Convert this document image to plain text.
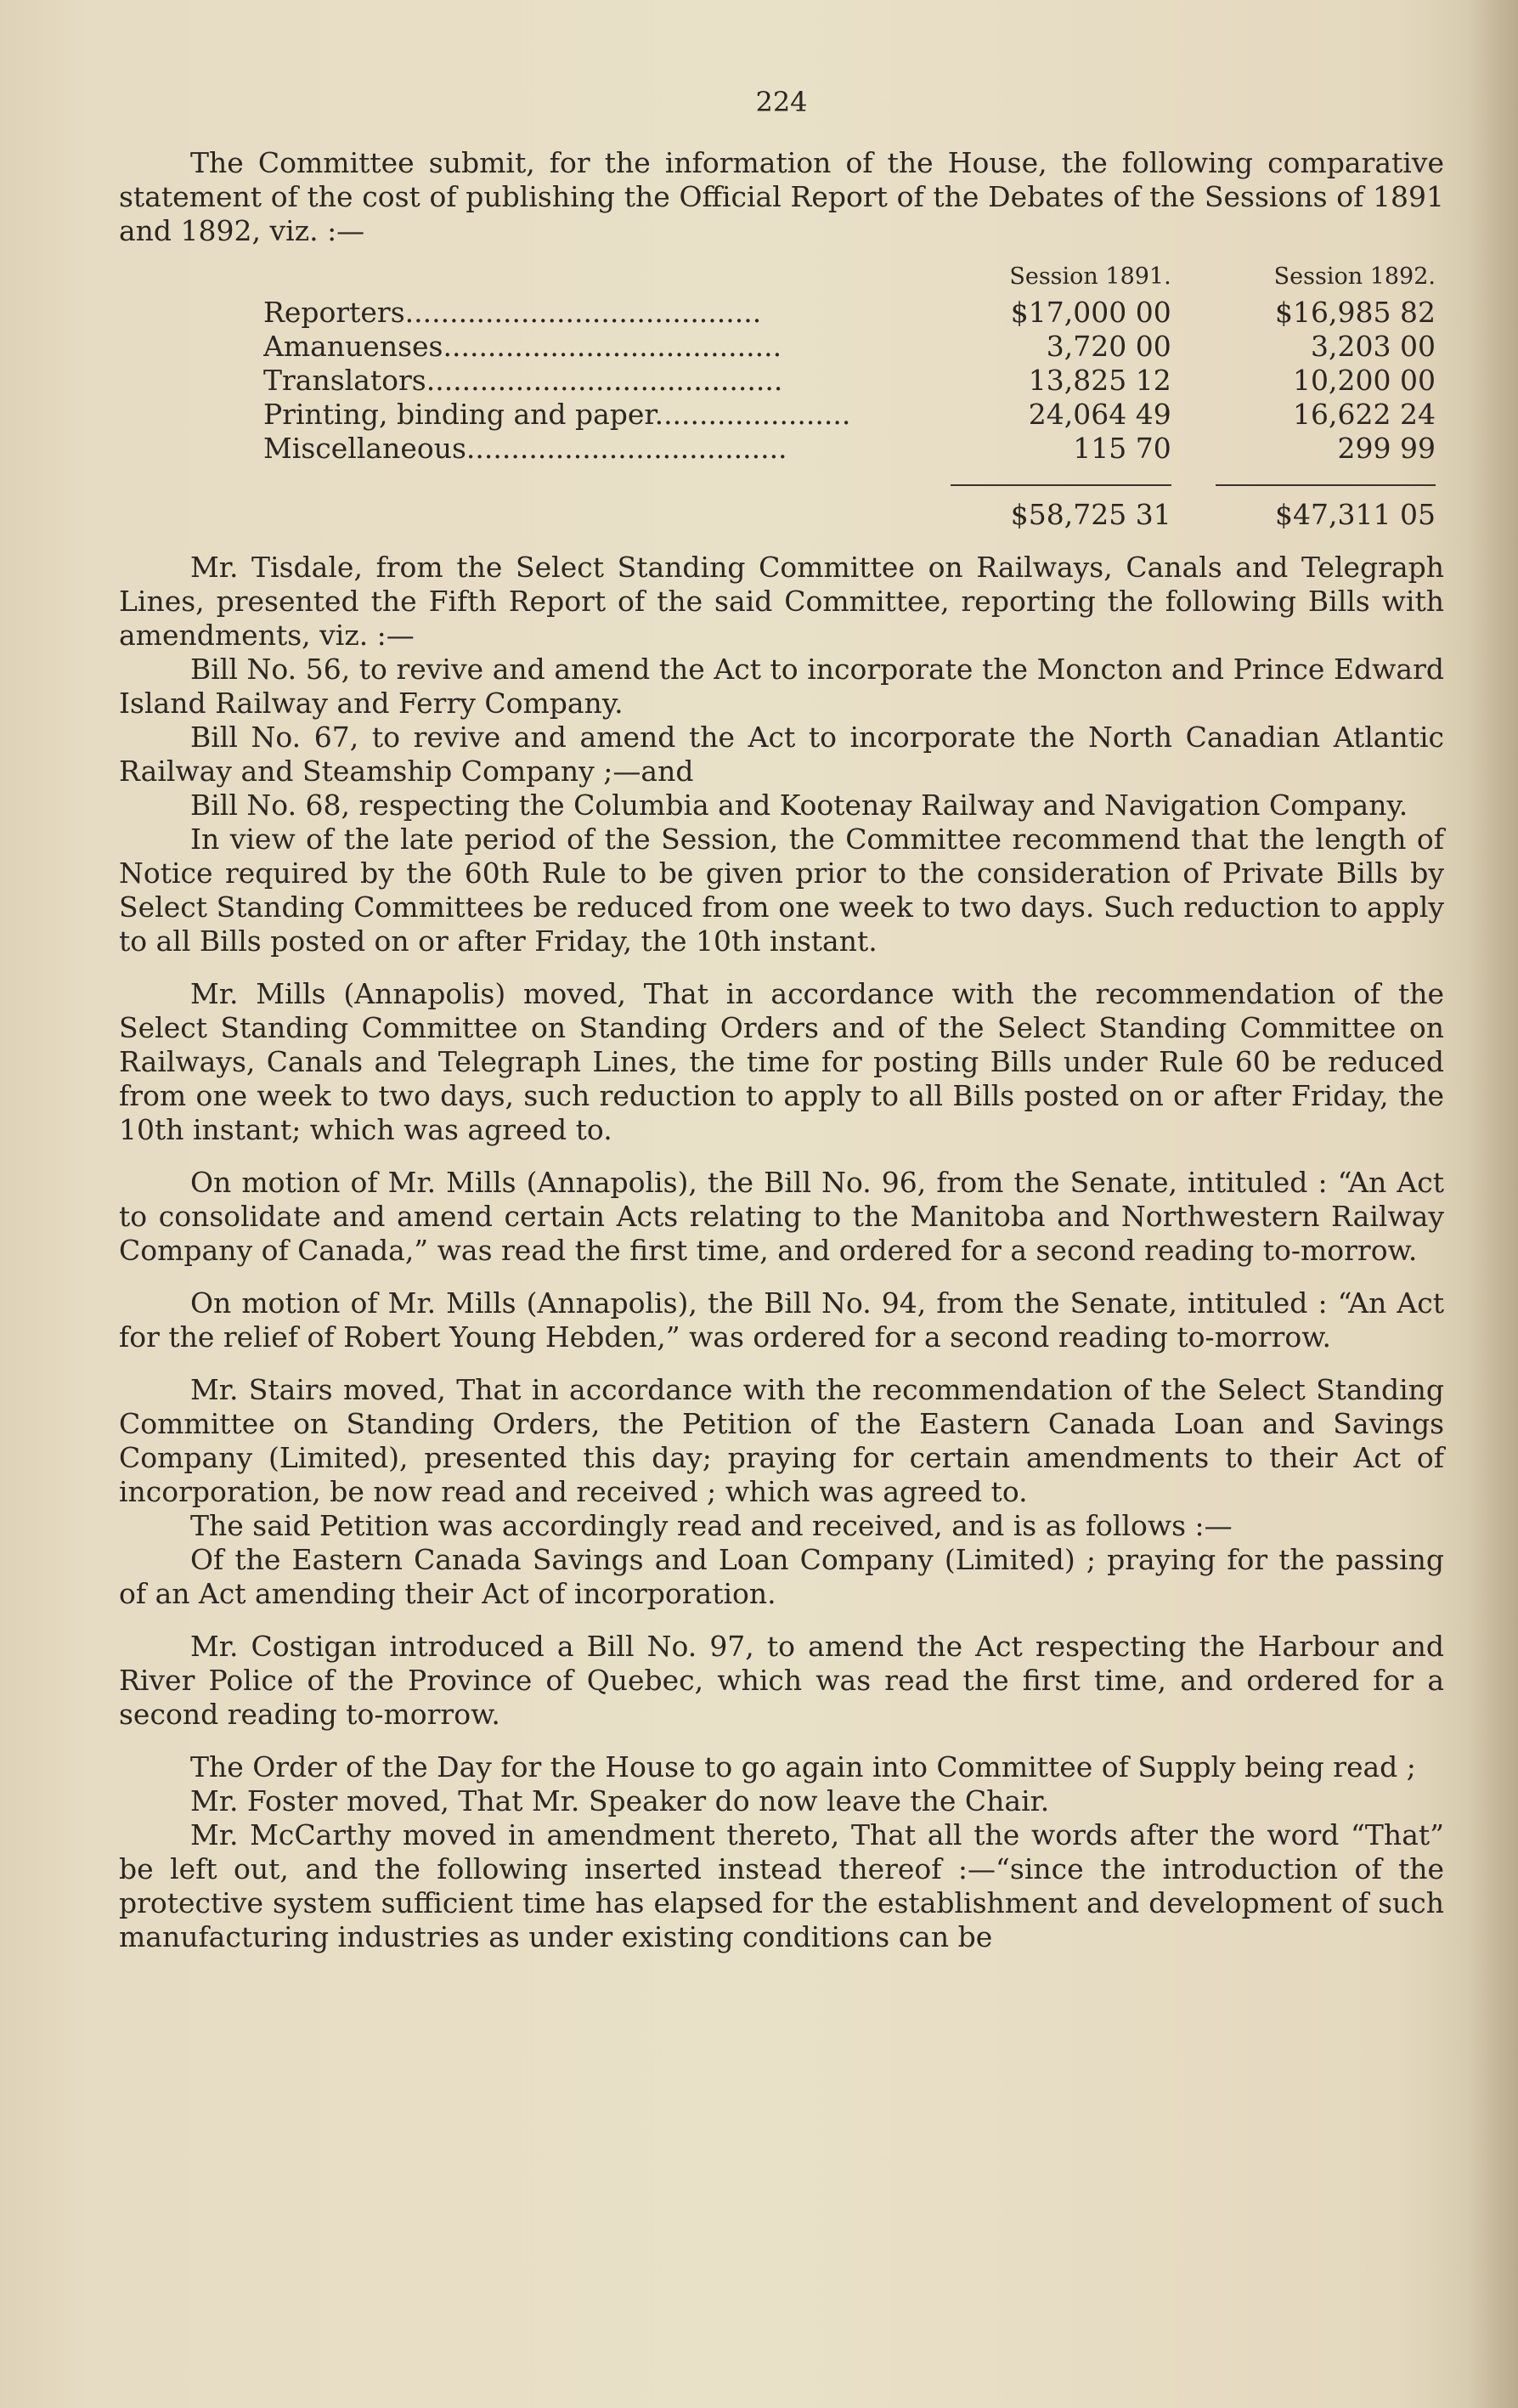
224

The Committee submit, for the information of the House, the following comparative statement of the cost of publishing the Official Report of the Debates of the Sessions of 1891 and 1892, viz. :—

	Session 1891.		Session 1892.
Reporters........................................	$17,000 00		$16,985 82
Amanuenses......................................	3,720 00		3,203 00
Translators........................................	13,825 12		10,200 00
Printing, binding and paper......................	24,064 49		16,622 24
Miscellaneous....................................	115 70		299 99

	$58,725 31		$47,311 05

Mr. Tisdale, from the Select Standing Committee on Railways, Canals and Telegraph Lines, presented the Fifth Report of the said Committee, reporting the following Bills with amendments, viz. :—

Bill No. 56, to revive and amend the Act to incorporate the Moncton and Prince Edward Island Railway and Ferry Company.

Bill No. 67, to revive and amend the Act to incorporate the North Canadian Atlantic Railway and Steamship Company ;—and

Bill No. 68, respecting the Columbia and Kootenay Railway and Navigation Company.

In view of the late period of the Session, the Committee recommend that the length of Notice required by the 60th Rule to be given prior to the consideration of Private Bills by Select Standing Committees be reduced from one week to two days. Such reduction to apply to all Bills posted on or after Friday, the 10th instant.

Mr. Mills (Annapolis) moved, That in accordance with the recommendation of the Select Standing Committee on Standing Orders and of the Select Standing Committee on Railways, Canals and Telegraph Lines, the time for posting Bills under Rule 60 be reduced from one week to two days, such reduction to apply to all Bills posted on or after Friday, the 10th instant; which was agreed to.

On motion of Mr. Mills (Annapolis), the Bill No. 96, from the Senate, intituled : “An Act to consolidate and amend certain Acts relating to the Manitoba and Northwestern Railway Company of Canada,” was read the first time, and ordered for a second reading to-morrow.

On motion of Mr. Mills (Annapolis), the Bill No. 94, from the Senate, intituled : “An Act for the relief of Robert Young Hebden,” was ordered for a second reading to-morrow.

Mr. Stairs moved, That in accordance with the recommendation of the Select Standing Committee on Standing Orders, the Petition of the Eastern Canada Loan and Savings Company (Limited), presented this day; praying for certain amendments to their Act of incorporation, be now read and received ; which was agreed to.

The said Petition was accordingly read and received, and is as follows :—

Of the Eastern Canada Savings and Loan Company (Limited) ; praying for the passing of an Act amending their Act of incorporation.

Mr. Costigan introduced a Bill No. 97, to amend the Act respecting the Harbour and River Police of the Province of Quebec, which was read the first time, and ordered for a second reading to-morrow.

The Order of the Day for the House to go again into Committee of Supply being read ;

Mr. Foster moved, That Mr. Speaker do now leave the Chair.

Mr. McCarthy moved in amendment thereto, That all the words after the word “That” be left out, and the following inserted instead thereof :—“since the introduction of the protective system sufficient time has elapsed for the establishment and development of such manufacturing industries as under existing conditions can be
